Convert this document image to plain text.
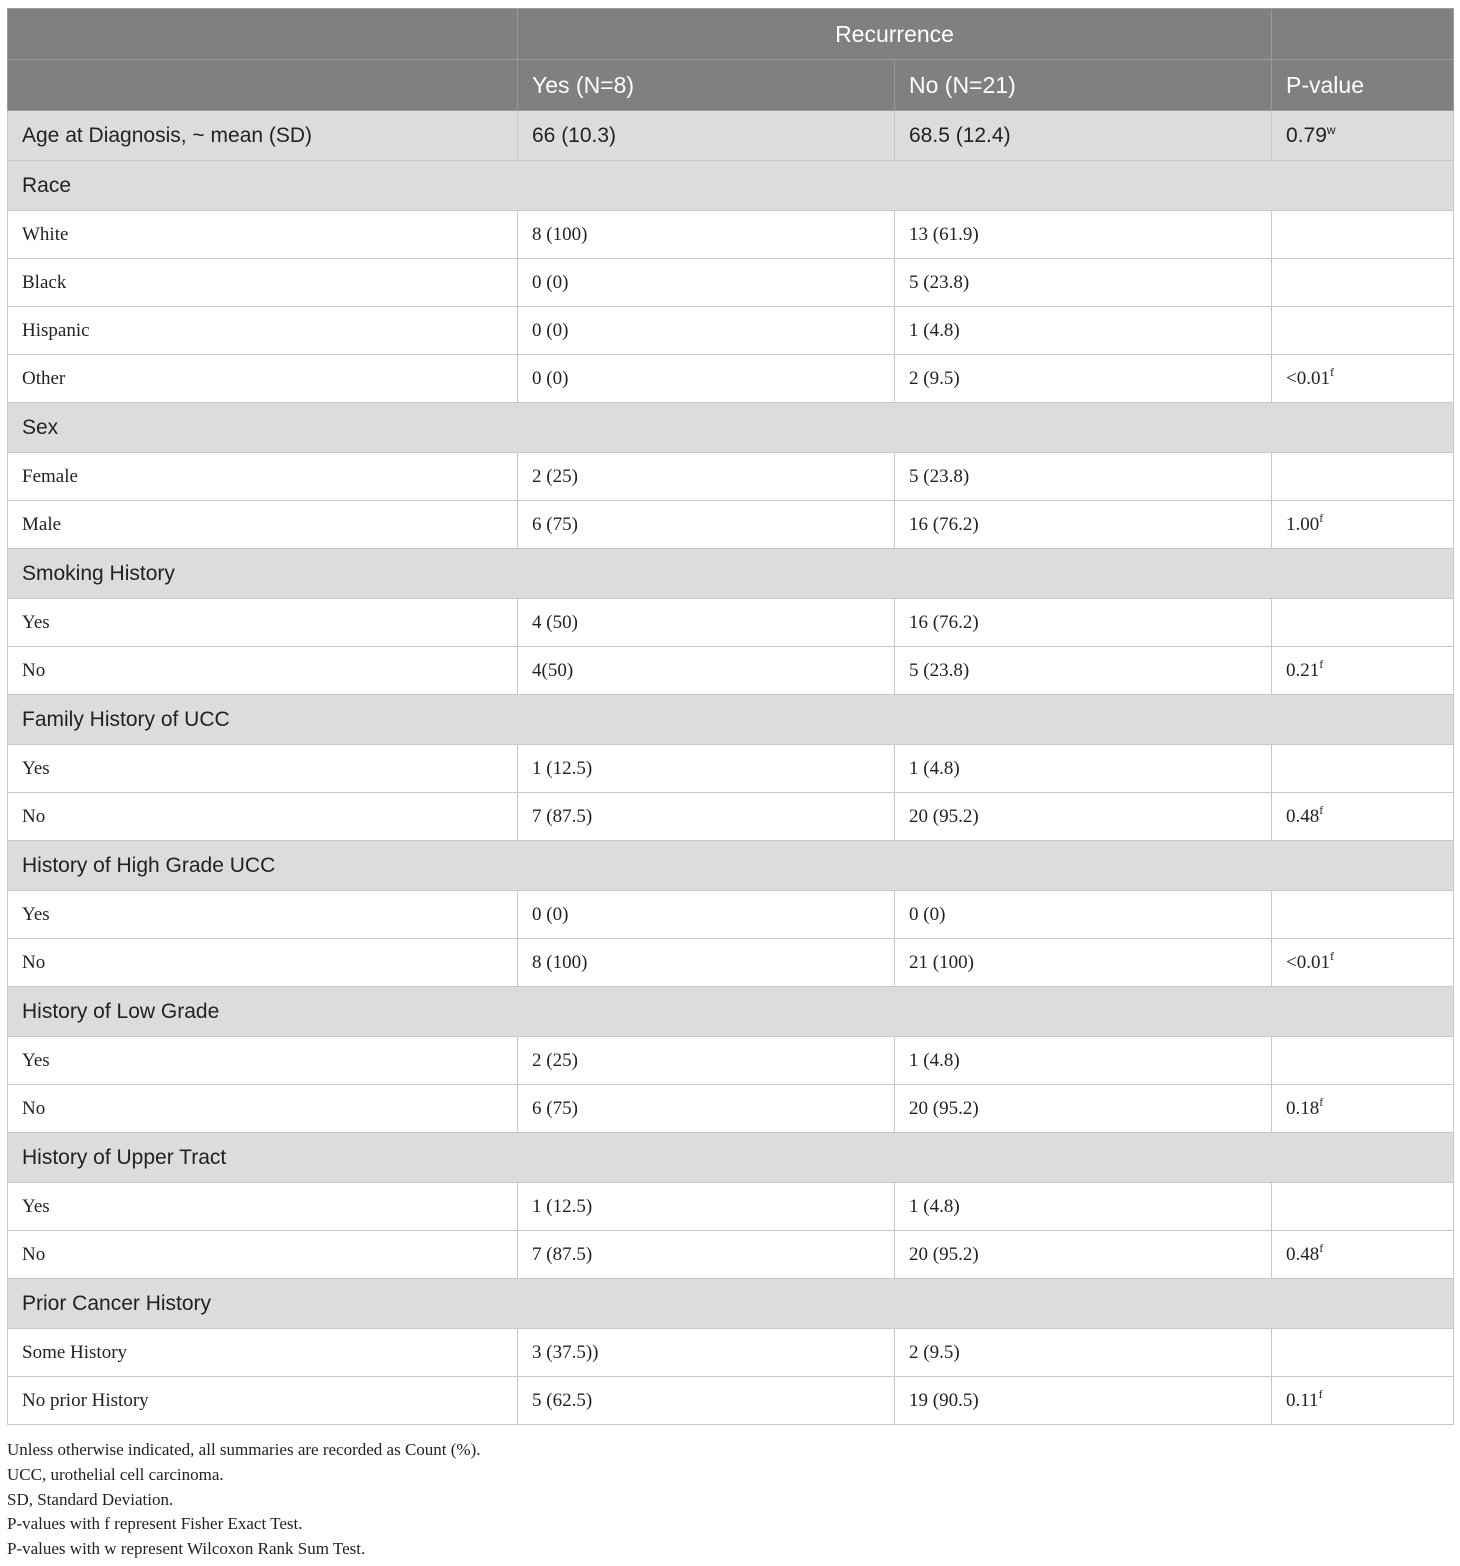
	Recurrence		
	Yes (N=8)	No (N=21)	P-value
Age at Diagnosis, ~ mean (SD)	66 (10.3)	68.5 (12.4)	0.79$^w$
Race			
White	8 (100)	13 (61.9)	
Black	0 (0)	5 (23.8)	
Hispanic	0 (0)	1 (4.8)	
Other	0 (0)	2 (9.5)	<0.01$^f$
Sex			
Female	2 (25)	5 (23.8)	
Male	6 (75)	16 (76.2)	1.00$^f$
Smoking History			
Yes	4 (50)	16 (76.2)	
No	4(50)	5 (23.8)	0.21$^f$
Family History of UCC			
Yes	1 (12.5)	1 (4.8)	
No	7 (87.5)	20 (95.2)	0.48$^f$
History of High Grade UCC			
Yes	0 (0)	0 (0)	
No	8 (100)	21 (100)	<0.01$^f$
History of Low Grade			
Yes	2 (25)	1 (4.8)	
No	6 (75)	20 (95.2)	0.18$^f$
History of Upper Tract			
Yes	1 (12.5)	1 (4.8)	
No	7 (87.5)	20 (95.2)	0.48$^f$
Prior Cancer History			
Some History	3 (37.5))	2 (9.5)	
No prior History	5 (62.5)	19 (90.5)	0.11$^f$
Unless otherwise indicated, all summaries are recorded as Count (%).
UCC, urothelial cell carcinoma.
SD, Standard Deviation.
P-values with f represent Fisher Exact Test.
P-values with w represent Wilcoxon Rank Sum Test.
